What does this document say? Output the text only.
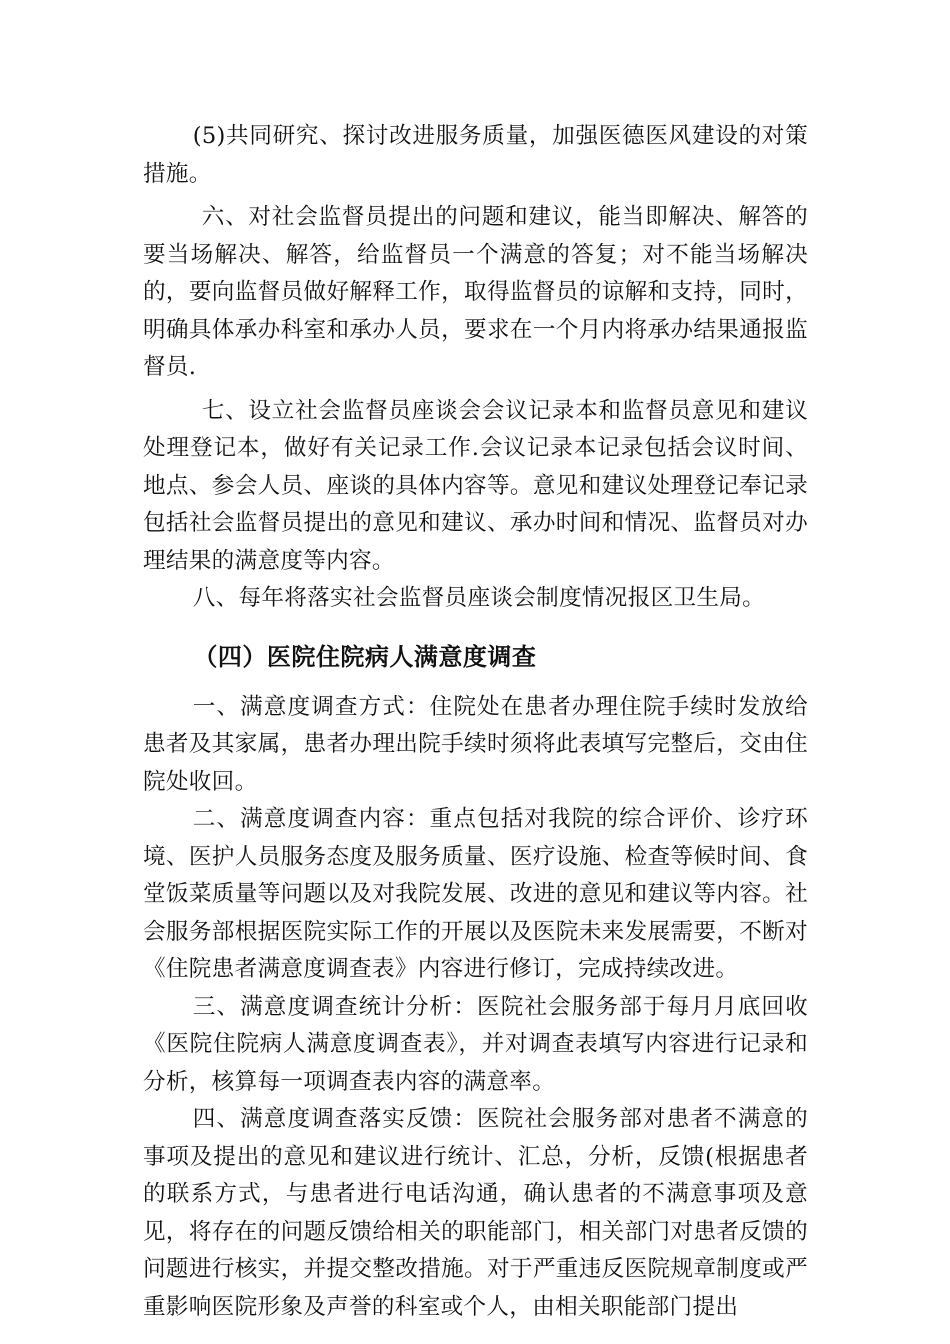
(5)共同研究、探讨改进服务质量，加强医德医风建设的对策措施。

六、对社会监督员提出的问题和建议，能当即解决、解答的要当场解决、解答，给监督员一个满意的答复；对不能当场解决的，要向监督员做好解释工作，取得监督员的谅解和支持，同时，明确具体承办科室和承办人员，要求在一个月内将承办结果通报监督员.

七、设立社会监督员座谈会会议记录本和监督员意见和建议处理登记本，做好有关记录工作.会议记录本记录包括会议时间、地点、参会人员、座谈的具体内容等。意见和建议处理登记奉记录包括社会监督员提出的意见和建议、承办时间和情况、监督员对办理结果的满意度等内容。

八、每年将落实社会监督员座谈会制度情况报区卫生局。

（四）医院住院病人满意度调查

一、满意度调查方式：住院处在患者办理住院手续时发放给患者及其家属，患者办理出院手续时须将此表填写完整后，交由住院处收回。

二、满意度调查内容：重点包括对我院的综合评价、诊疗环境、医护人员服务态度及服务质量、医疗设施、检查等候时间、食堂饭菜质量等问题以及对我院发展、改进的意见和建议等内容。社会服务部根据医院实际工作的开展以及医院未来发展需要，不断对《住院患者满意度调查表》内容进行修订，完成持续改进。

三、满意度调查统计分析：医院社会服务部于每月月底回收《医院住院病人满意度调查表》，并对调查表填写内容进行记录和分析，核算每一项调查表内容的满意率。

四、满意度调查落实反馈：医院社会服务部对患者不满意的事项及提出的意见和建议进行统计、汇总，分析，反馈(根据患者的联系方式，与患者进行电话沟通，确认患者的不满意事项及意见，将存在的问题反馈给相关的职能部门，相关部门对患者反馈的问题进行核实，并提交整改措施。对于严重违反医院规章制度或严重影响医院形象及声誉的科室或个人，由相关职能部门提出
